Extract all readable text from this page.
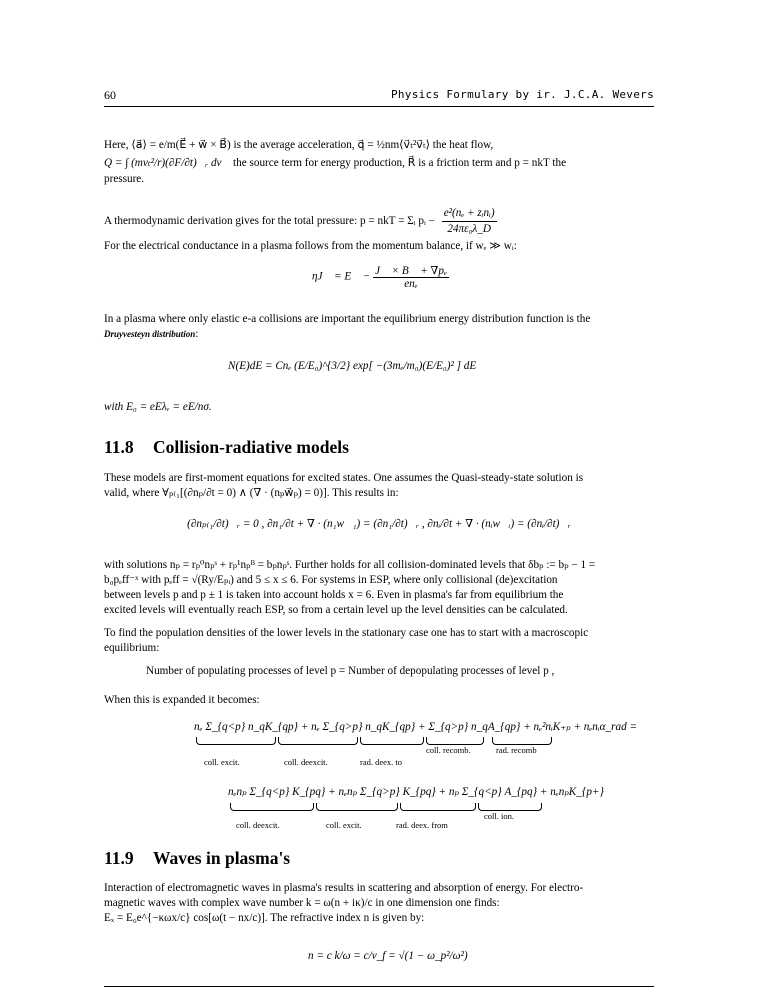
60	Physics Formulary by ir. J.C.A. Wevers

Here, ⟨a⃗⟩ = e/m(E⃗ + w⃗ × B⃗) is the average acceleration, q⃗ = ½nm⟨v⃗ₜ²v⃗ₜ⟩ the heat flow,

Q = ∫ (mvₜ²/r)(∂F/∂t)꜀ᵣ dv⃗ the source term for energy production, R⃗ is a friction term and p = nkT the

pressure.

A thermodynamic derivation gives for the total pressure: p = nkT = Σᵢ pᵢ − $\frac{\text{e²(nₑ + zᵢnᵢ)}}{\text{24πε₀λ\_D}}$

For the electrical conductance in a plasma follows from the momentum balance, if wₑ ≫ wᵢ:

ηJ⃗ = E⃗ − $\frac{\text{J⃗ × B⃗ + ∇pₑ}}{\text{enₑ}}$

In a plasma where only elastic e-a collisions are important the equilibrium energy distribution function is the

Druyvesteyn distribution:

N(E)dE = Cnₑ (E/E₀)^{3/2} exp[ −(3mₑ/m₀)(E/E₀)² ] dE

with E₀ = eEλᵥ = eE/nσ.

11.8 Collision-radiative models

These models are first-moment equations for excited states. One assumes the Quasi-steady-state solution is

valid, where ∀ₚ₍₁[(∂nₚ/∂t = 0) ∧ (∇ · (nₚw⃗ₚ) = 0)]. This results in:

(∂nₚ₍₁/∂t)꜀ᵣ = 0 , ∂n₁/∂t + ∇ · (n₁w⃗₁) = (∂n₁/∂t)꜀ᵣ , ∂nᵢ/∂t + ∇ · (nᵢw⃗ᵢ) = (∂nᵢ/∂t)꜀ᵣ

with solutions nₚ = rₚ⁰nₚˢ + rₚ¹nₚᴮ = bₚnₚˢ. Further holds for all collision-dominated levels that δbₚ := bₚ − 1 =

b₀pₑff⁻ˣ with pₑff = √(Ry/Eₚᵢ) and 5 ≤ x ≤ 6. For systems in ESP, where only collisional (de)excitation

between levels p and p ± 1 is taken into account holds x = 6. Even in plasma's far from equilibrium the

excited levels will eventually reach ESP, so from a certain level up the level densities can be calculated.

To find the population densities of the lower levels in the stationary case one has to start with a macroscopic

equilibrium:

Number of populating processes of level p = Number of depopulating processes of level p ,

When this is expanded it becomes:

nₑ Σ_{q<p} n_qK_{qp} + nₑ Σ_{q>p} n_qK_{qp} + Σ_{q>p} n_qA_{qp} + nₑ²nᵢK₊ₚ + nₑnᵢα_rad =
coll. excit.	coll. deexcit.	rad. deex. to
coll. recomb.	rad. recomb
nₑnₚ Σ_{q<p} K_{pq} + nₑnₚ Σ_{q>p} K_{pq} + nₚ Σ_{q<p} A_{pq} + nₑnₚK_{p+}
coll. deexcit.	coll. excit.	rad. deex. from
coll. ion.
11.9 Waves in plasma's

Interaction of electromagnetic waves in plasma's results in scattering and absorption of energy. For electro-

magnetic waves with complex wave number k = ω(n + iκ)/c in one dimension one finds:

Eₓ = E₀e^{−κωx/c} cos[ω(t − nx/c)]. The refractive index n is given by:

n = c k/ω = c/v_f = √(1 − ω_p²/ω²)
